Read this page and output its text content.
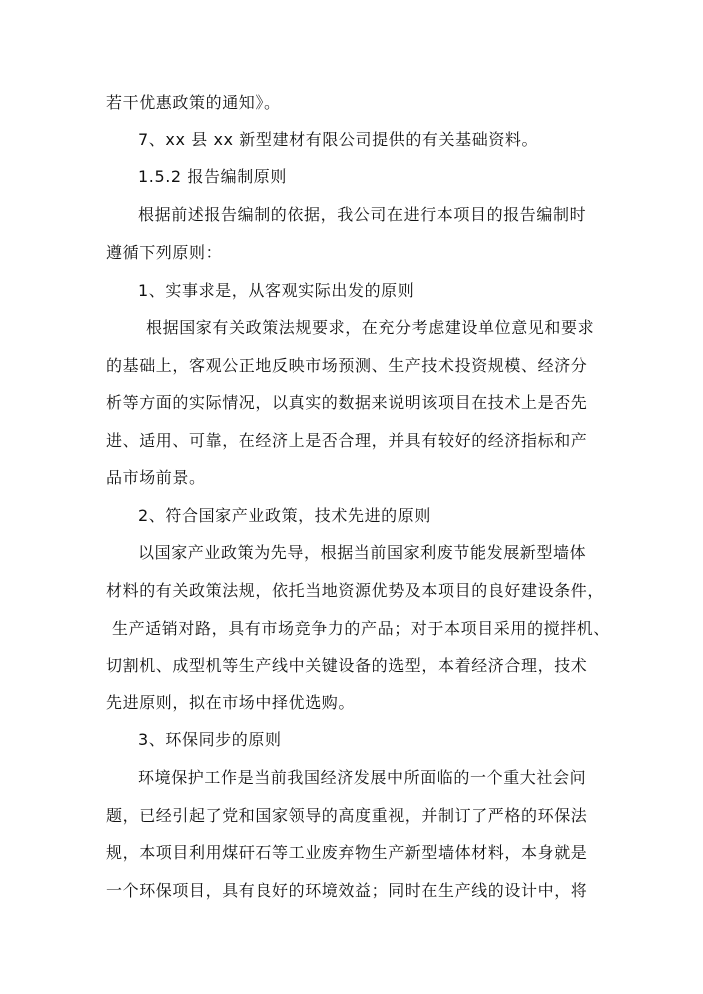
若干优惠政策的通知》。
7、xx 县 xx 新型建材有限公司提供的有关基础资料。
1.5.2 报告编制原则
根据前述报告编制的依据，我公司在进行本项目的报告编制时
遵循下列原则：
1、实事求是，从客观实际出发的原则
根据国家有关政策法规要求，在充分考虑建设单位意见和要求
的基础上，客观公正地反映市场预测、生产技术投资规模、经济分
析等方面的实际情况，以真实的数据来说明该项目在技术上是否先
进、适用、可靠，在经济上是否合理，并具有较好的经济指标和产
品市场前景。
2、符合国家产业政策，技术先进的原则
以国家产业政策为先导，根据当前国家利废节能发展新型墙体
材料的有关政策法规，依托当地资源优势及本项目的良好建设条件，
生产适销对路，具有市场竞争力的产品；对于本项目采用的搅拌机、
切割机、成型机等生产线中关键设备的选型，本着经济合理，技术
先进原则，拟在市场中择优选购。
3、环保同步的原则
环境保护工作是当前我国经济发展中所面临的一个重大社会问
题，已经引起了党和国家领导的高度重视，并制订了严格的环保法
规，本项目利用煤矸石等工业废弃物生产新型墙体材料，本身就是
一个环保项目，具有良好的环境效益；同时在生产线的设计中，将
